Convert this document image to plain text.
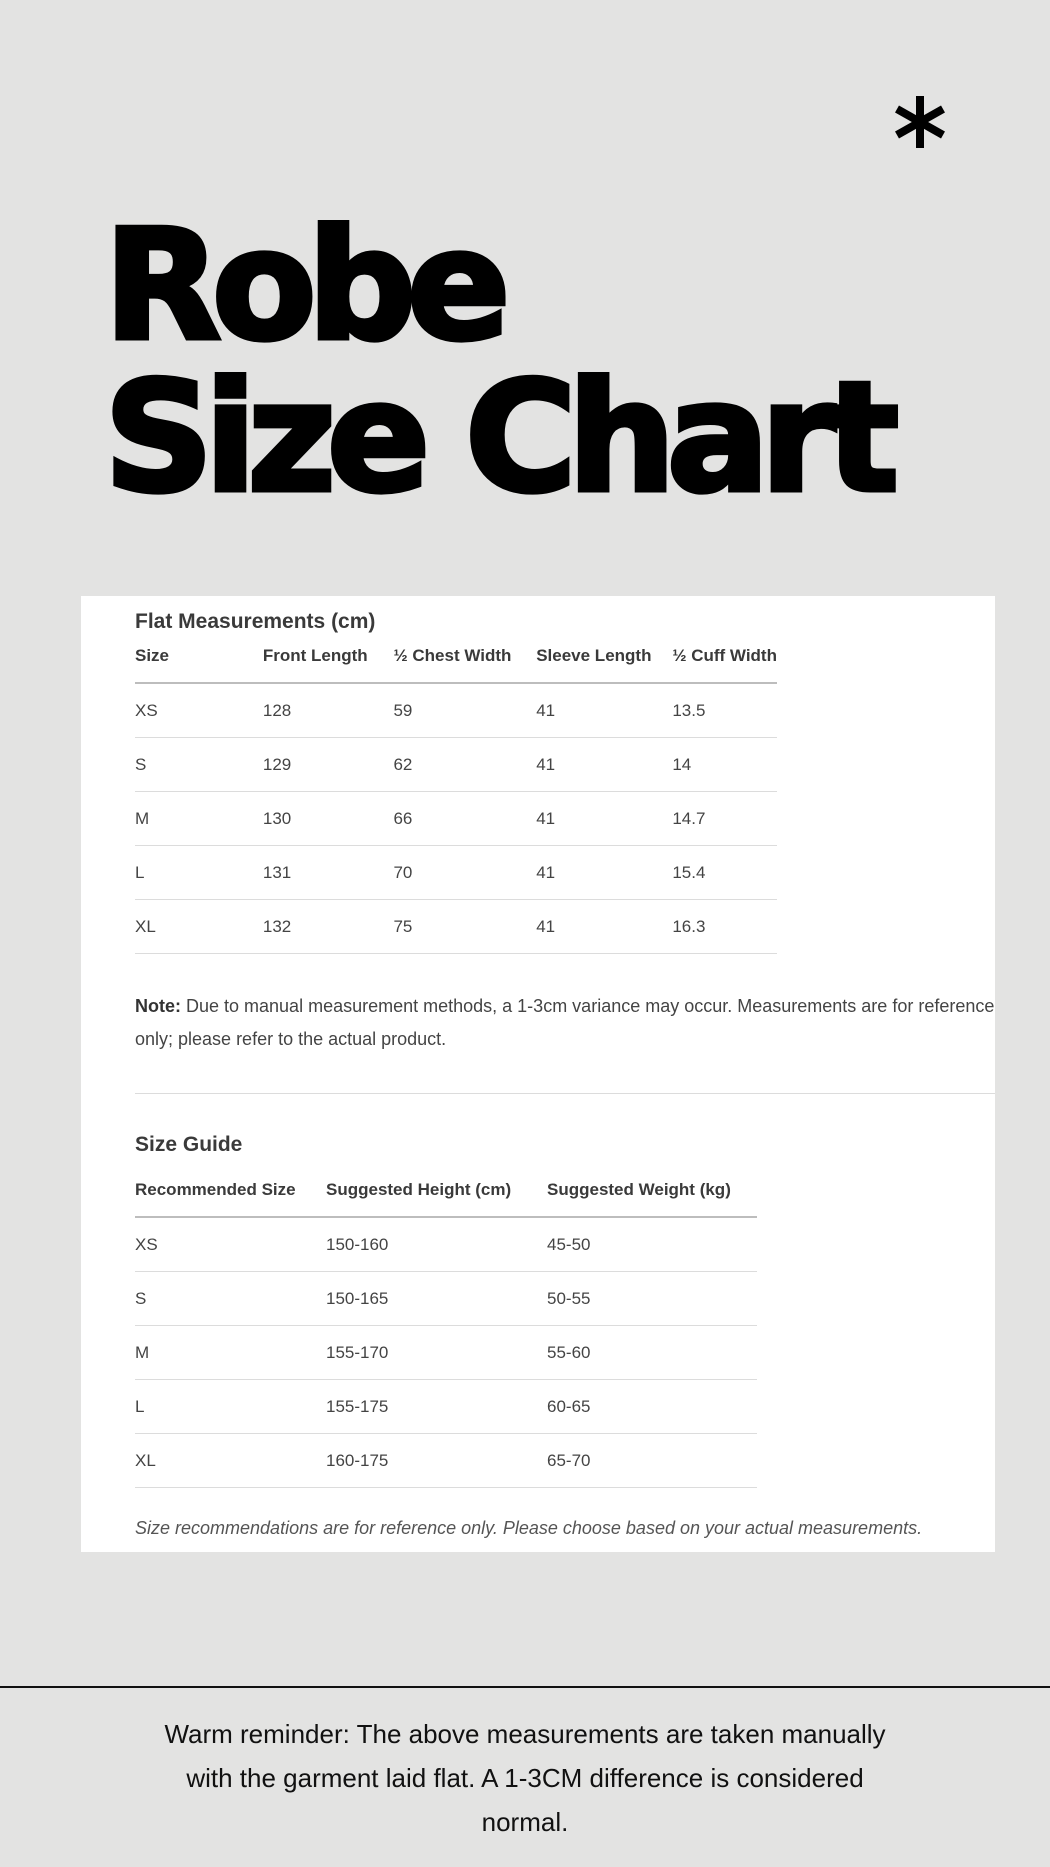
Robe
Size Chart
Flat Measurements (cm)
Size	Front Length	½ Chest Width	Sleeve Length	½ Cuff Width
XS	128	59	41	13.5
S	129	62	41	14
M	130	66	41	14.7
L	131	70	41	15.4
XL	132	75	41	16.3

Note: Due to manual measurement methods, a 1-3cm variance may occur. Measurements are for reference only; please refer to the actual product.

Size Guide
Recommended Size	Suggested Height (cm)	Suggested Weight (kg)
XS	150-160	45-50
S	150-165	50-55
M	155-170	55-60
L	155-175	60-65
XL	160-175	65-70

Size recommendations are for reference only. Please choose based on your actual measurements.

Warm reminder: The above measurements are taken manually with the garment laid flat. A 1-3CM difference is considered normal.
